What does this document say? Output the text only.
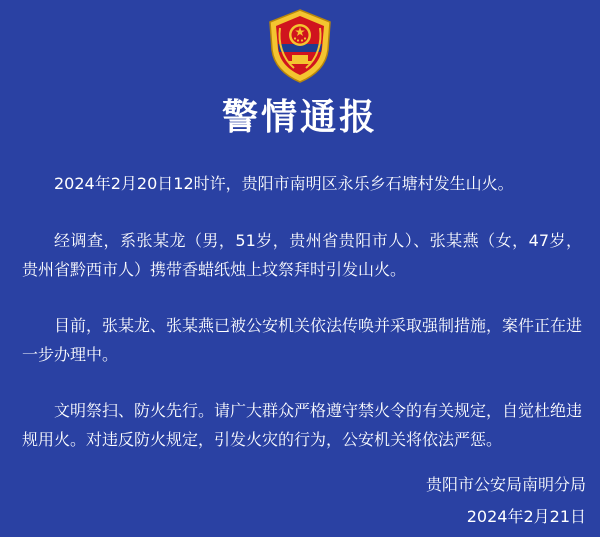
警情通报

2024年2月20日12时许，贵阳市南明区永乐乡石塘村发生山火。

经调查，系张某龙（男，51岁，贵州省贵阳市人）、张某燕（女，47岁，贵州省黔西市人）携带香蜡纸烛上坟祭拜时引发山火。

目前，张某龙、张某燕已被公安机关依法传唤并采取强制措施，案件正在进一步办理中。

文明祭扫、防火先行。请广大群众严格遵守禁火令的有关规定，自觉杜绝违规用火。对违反防火规定，引发火灾的行为，公安机关将依法严惩。

贵阳市公安局南明分局
2024年2月21日
